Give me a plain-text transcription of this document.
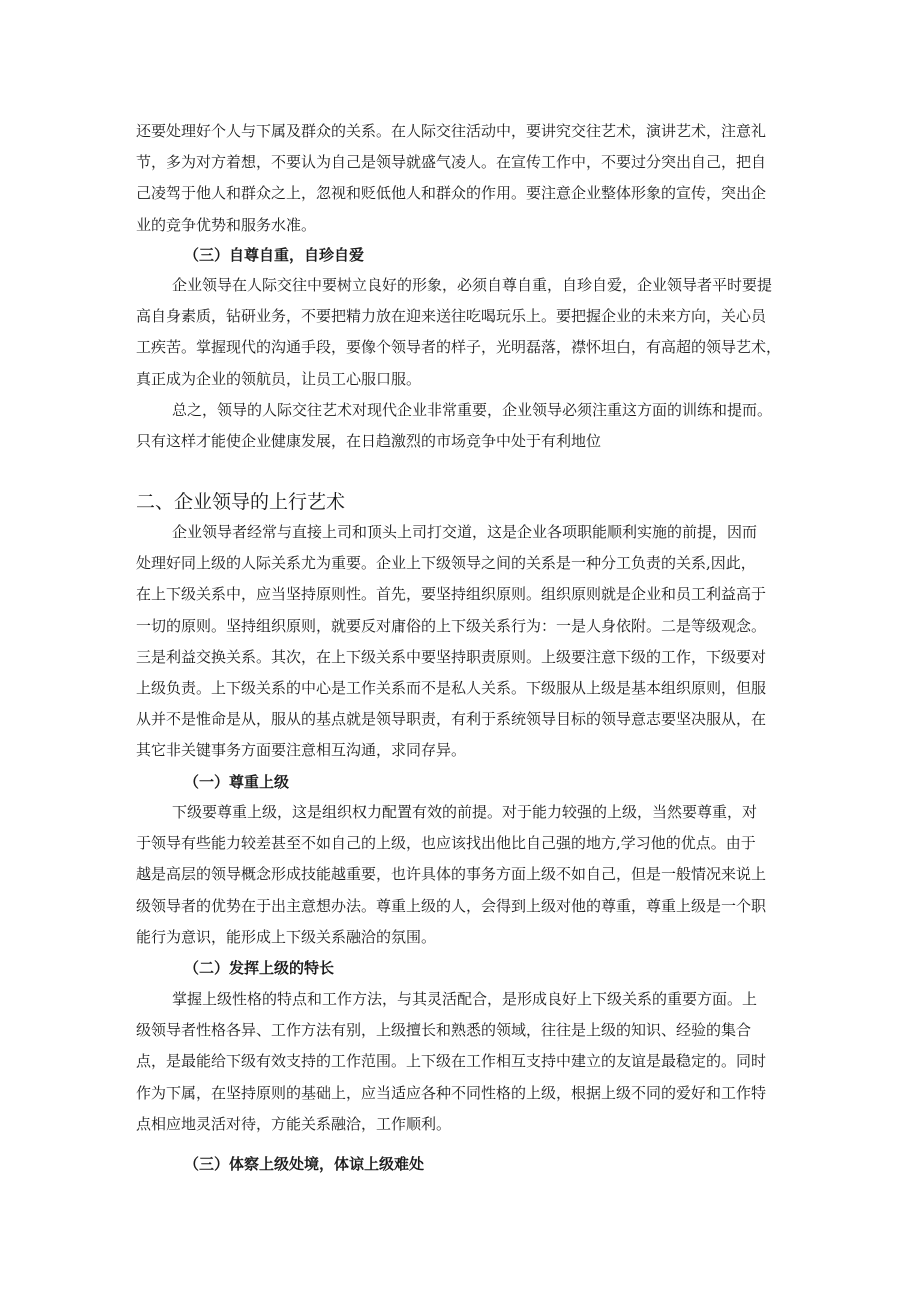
还要处理好个人与下属及群众的关系。在人际交往活动中，要讲究交往艺术，演讲艺术，注意礼
节，多为对方着想，不要认为自己是领导就盛气凌人。在宣传工作中，不要过分突出自己，把自
己凌驾于他人和群众之上，忽视和贬低他人和群众的作用。要注意企业整体形象的宣传，突出企
业的竞争优势和服务水准。
（三）自尊自重，自珍自爱
企业领导在人际交往中要树立良好的形象，必须自尊自重，自珍自爱，企业领导者平时要提
高自身素质，钻研业务，不要把精力放在迎来送往吃喝玩乐上。要把握企业的未来方向，关心员
工疾苦。掌握现代的沟通手段，要像个领导者的样子，光明磊落，襟怀坦白，有高超的领导艺术，
真正成为企业的领航员，让员工心服口服。
总之，领导的人际交往艺术对现代企业非常重要，企业领导必须注重这方面的训练和提而。
只有这样才能使企业健康发展，在日趋激烈的市场竞争中处于有利地位
二、企业领导的上行艺术
企业领导者经常与直接上司和顶头上司打交道，这是企业各项职能顺利实施的前提，因而
处理好同上级的人际关系尤为重要。企业上下级领导之间的关系是一种分工负责的关系,因此，
在上下级关系中，应当坚持原则性。首先，要坚持组织原则。组织原则就是企业和员工利益高于
一切的原则。坚持组织原则，就要反对庸俗的上下级关系行为：一是人身依附。二是等级观念。
三是利益交换关系。其次，在上下级关系中要坚持职责原则。上级要注意下级的工作，下级要对
上级负责。上下级关系的中心是工作关系而不是私人关系。下级服从上级是基本组织原则，但服
从并不是惟命是从，服从的基点就是领导职责，有利于系统领导目标的领导意志要坚决服从，在
其它非关键事务方面要注意相互沟通，求同存异。
（一）尊重上级
下级要尊重上级，这是组织权力配置有效的前提。对于能力较强的上级，当然要尊重，对
于领导有些能力较差甚至不如自己的上级，也应该找出他比自己强的地方,学习他的优点。由于
越是高层的领导概念形成技能越重要，也许具体的事务方面上级不如自己，但是一般情况来说上
级领导者的优势在于出主意想办法。尊重上级的人，会得到上级对他的尊重，尊重上级是一个职
能行为意识，能形成上下级关系融洽的氛围。
（二）发挥上级的特长
掌握上级性格的特点和工作方法，与其灵活配合，是形成良好上下级关系的重要方面。上
级领导者性格各异、工作方法有别，上级擅长和熟悉的领域，往往是上级的知识、经验的集合
点，是最能给下级有效支持的工作范围。上下级在工作相互支持中建立的友谊是最稳定的。同时
作为下属，在坚持原则的基础上，应当适应各种不同性格的上级，根据上级不同的爱好和工作特
点相应地灵活对待，方能关系融洽，工作顺利。
（三）体察上级处境，体谅上级难处
